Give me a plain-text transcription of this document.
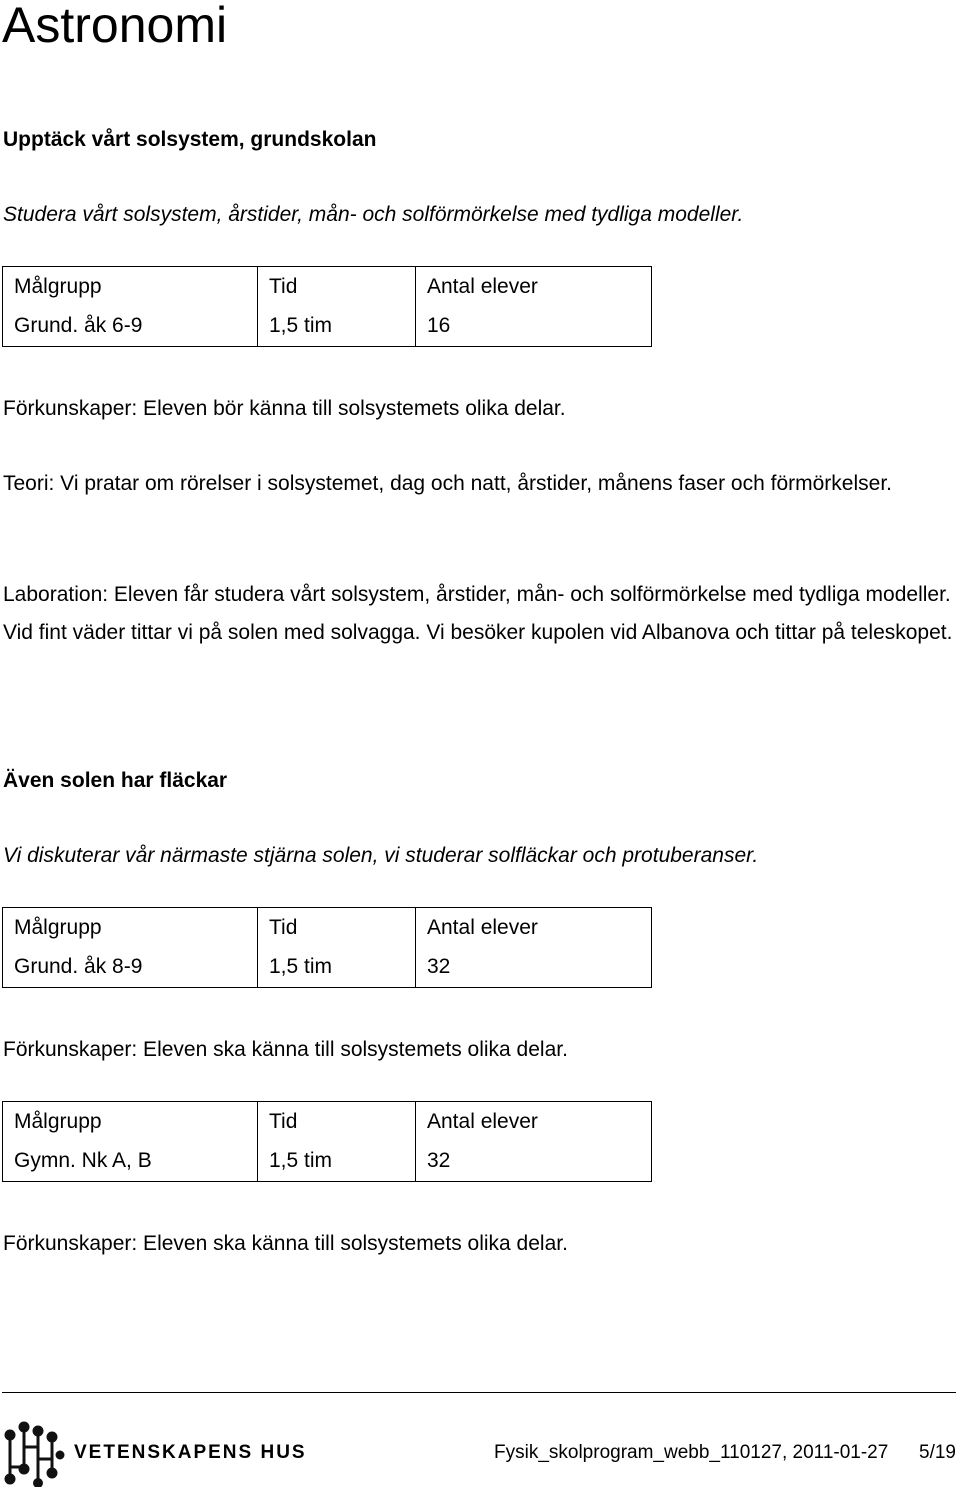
Astronomi
Upptäck vårt solsystem, grundskolan
Studera vårt solsystem, årstider, mån- och solförmörkelse med tydliga modeller.
Målgrupp	Tid	Antal elever
Grund. åk 6-9	1,5 tim	16
Förkunskaper: Eleven bör känna till solsystemets olika delar.
Teori: Vi pratar om rörelser i solsystemet, dag och natt, årstider, månens faser och förmörkelser.
Laboration: Eleven får studera vårt solsystem, årstider, mån- och solförmörkelse med tydliga modeller. Vid fint väder tittar vi på solen med solvagga. Vi besöker kupolen vid Albanova och tittar på teleskopet.
Även solen har fläckar
Vi diskuterar vår närmaste stjärna solen, vi studerar solfläckar och protuberanser.
Målgrupp	Tid	Antal elever
Grund. åk 8-9	1,5 tim	32
Förkunskaper: Eleven ska känna till solsystemets olika delar.
Målgrupp	Tid	Antal elever
Gymn. Nk A, B	1,5 tim	32
Förkunskaper: Eleven ska känna till solsystemets olika delar.
VETENSKAPENS HUS	Fysik_skolprogram_webb_110127, 2011-01-27 5/19
